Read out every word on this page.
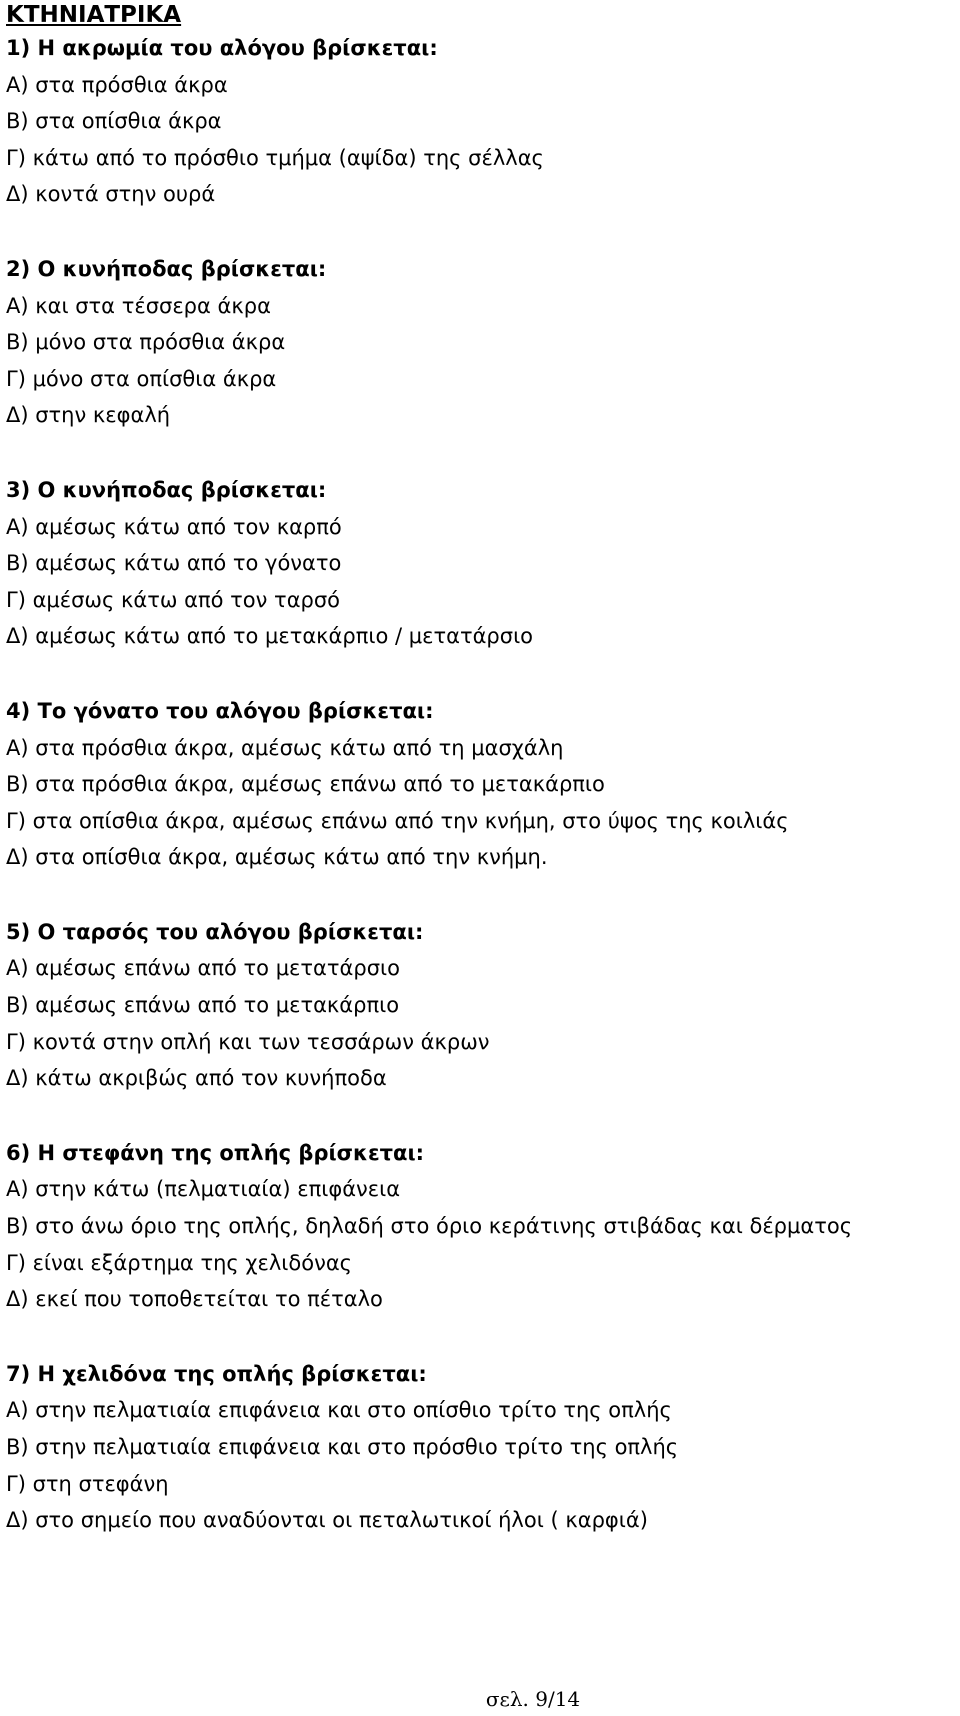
ΚΤΗΝΙΑΤΡΙΚΑ
1) Η ακρωμία του αλόγου βρίσκεται:
Α) στα πρόσθια άκρα
Β) στα οπίσθια άκρα
Γ) κάτω από το πρόσθιο τμήμα (αψίδα) της σέλλας
Δ) κοντά στην ουρά
2) Ο κυνήποδας βρίσκεται:
Α) και στα τέσσερα άκρα
Β) μόνο στα πρόσθια άκρα
Γ) μόνο στα οπίσθια άκρα
Δ) στην κεφαλή
3) Ο κυνήποδας βρίσκεται:
Α) αμέσως κάτω από τον καρπό
Β) αμέσως κάτω από το γόνατο
Γ) αμέσως κάτω από τον ταρσό
Δ) αμέσως κάτω από το μετακάρπιο / μετατάρσιο
4) Το γόνατο του αλόγου βρίσκεται:
Α) στα πρόσθια άκρα, αμέσως κάτω από τη μασχάλη
Β) στα πρόσθια άκρα, αμέσως επάνω από το μετακάρπιο
Γ) στα οπίσθια άκρα, αμέσως επάνω από την κνήμη, στο ύψος της κοιλιάς
Δ) στα οπίσθια άκρα, αμέσως κάτω από την κνήμη.
5) Ο ταρσός του αλόγου βρίσκεται:
Α) αμέσως επάνω από το μετατάρσιο
Β) αμέσως επάνω από το μετακάρπιο
Γ) κοντά στην οπλή και των τεσσάρων άκρων
Δ) κάτω ακριβώς από τον κυνήποδα
6) Η στεφάνη της οπλής βρίσκεται:
Α) στην κάτω (πελματιαία) επιφάνεια
Β) στο άνω όριο της οπλής, δηλαδή στο όριο κεράτινης στιβάδας και δέρματος
Γ) είναι εξάρτημα της χελιδόνας
Δ) εκεί που τοποθετείται το πέταλο
7) Η χελιδόνα της οπλής βρίσκεται:
Α) στην πελματιαία επιφάνεια και στο οπίσθιο τρίτο της οπλής
Β) στην πελματιαία επιφάνεια και στο πρόσθιο τρίτο της οπλής
Γ) στη στεφάνη
Δ) στο σημείο που αναδύονται οι πεταλωτικοί ήλοι ( καρφιά)
σελ. 9/14
